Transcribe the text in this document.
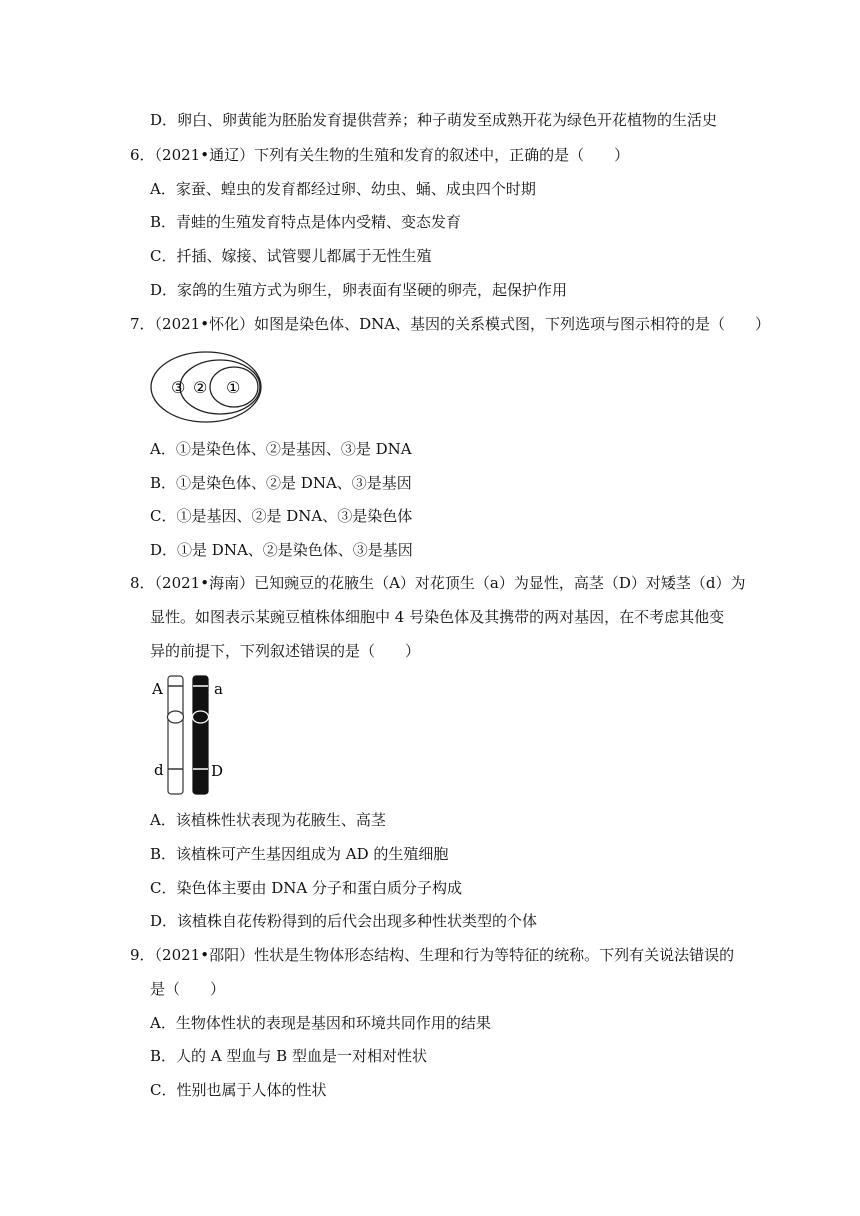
D．卵白、卵黄能为胚胎发育提供营养；种子萌发至成熟开花为绿色开花植物的生活史
6．（2021•通辽）下列有关生物的生殖和发育的叙述中，正确的是（　　）
A．家蚕、蝗虫的发育都经过卵、幼虫、蛹、成虫四个时期
B．青蛙的生殖发育特点是体内受精、变态发育
C．扦插、嫁接、试管婴儿都属于无性生殖
D．家鸽的生殖方式为卵生，卵表面有坚硬的卵壳，起保护作用
7．（2021•怀化）如图是染色体、DNA、基因的关系模式图，下列选项与图示相符的是（　　）
③ ② ①
A．①是染色体、②是基因、③是 DNA
B．①是染色体、②是 DNA、③是基因
C．①是基因、②是 DNA、③是染色体
D．①是 DNA、②是染色体、③是基因
8．（2021•海南）已知豌豆的花腋生（A）对花顶生（a）为显性，高茎（D）对矮茎（d）为
显性。如图表示某豌豆植株体细胞中 4 号染色体及其携带的两对基因，在不考虑其他变
异的前提下，下列叙述错误的是（　　）
A
d
a
D
A．该植株性状表现为花腋生、高茎
B．该植株可产生基因组成为 AD 的生殖细胞
C．染色体主要由 DNA 分子和蛋白质分子构成
D．该植株自花传粉得到的后代会出现多种性状类型的个体
9．（2021•邵阳）性状是生物体形态结构、生理和行为等特征的统称。下列有关说法错误的
是（　　）
A．生物体性状的表现是基因和环境共同作用的结果
B．人的 A 型血与 B 型血是一对相对性状
C．性别也属于人体的性状
